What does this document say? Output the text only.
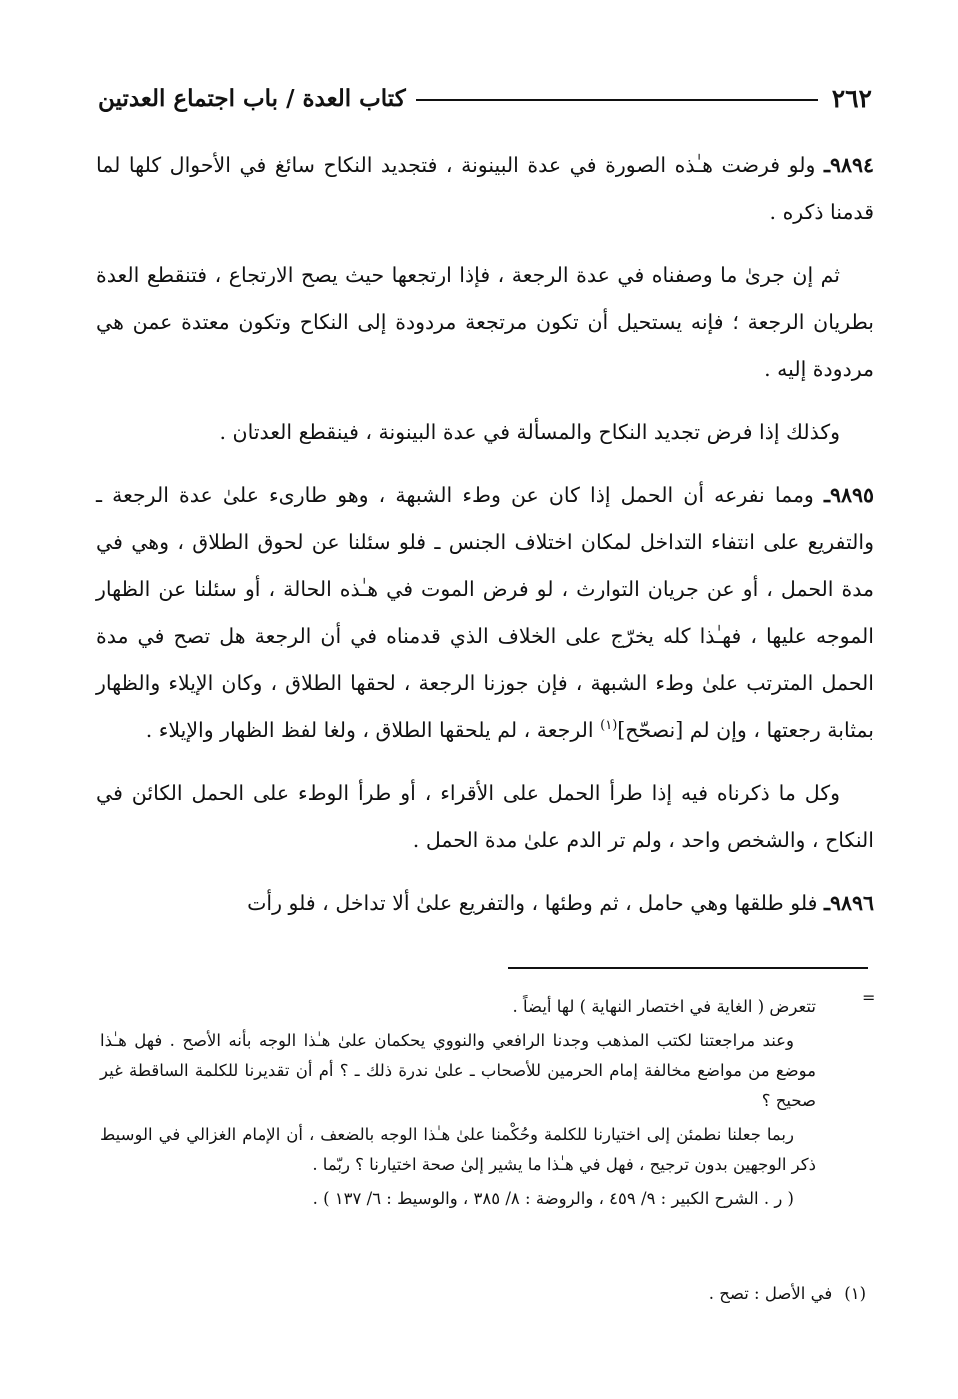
٢٦٢
كتاب العدة / باب اجتماع العدتين

٩٨٩٤ـ ولو فرضت هـٰذه الصورة في عدة البينونة ، فتجديد النكاح سائغ في الأحوال كلها لما قدمنا ذكره .

ثم إن جرىٰ ما وصفناه في عدة الرجعة ، فإذا ارتجعها حيث يصح الارتجاع ، فتنقطع العدة بطريان الرجعة ؛ فإنه يستحيل أن تكون مرتجعة مردودة إلى النكاح وتكون معتدة عمن هي مردودة إليه .

وكذلك إذا فرض تجديد النكاح والمسألة في عدة البينونة ، فينقطع العدتان .

٩٨٩٥ـ ومما نفرعه أن الحمل إذا كان عن وطء الشبهة ، وهو طارىء علىٰ عدة الرجعة ـ والتفريع على انتفاء التداخل لمكان اختلاف الجنس ـ فلو سئلنا عن لحوق الطلاق ، وهي في مدة الحمل ، أو عن جريان التوارث ، لو فرض الموت في هـٰذه الحالة ، أو سئلنا عن الظهار الموجه عليها ، فهـٰذا كله يخرّج على الخلاف الذي قدمناه في أن الرجعة هل تصح في مدة الحمل المترتب علىٰ وطء الشبهة ، فإن جوزنا الرجعة ، لحقها الطلاق ، وكان الإيلاء والظهار بمثابة رجعتها ، وإن لم [نصحّح]$^{(١)}$ الرجعة ، لم يلحقها الطلاق ، ولغا لفظ الظهار والإيلاء .

وكل ما ذكرناه فيه إذا طرأ الحمل على الأقراء ، أو طرأ الوطء على الحمل الكائن في النكاح ، والشخص واحد ، ولم تر الدم علىٰ مدة الحمل .

٩٨٩٦ـ فلو طلقها وهي حامل ، ثم وطئها ، والتفريع علىٰ ألا تداخل ، فلو رأت

=

تتعرض ( الغاية في اختصار النهاية ) لها أيضاً .

وعند مراجعتنا لكتب المذهب وجدنا الرافعي والنووي يحكمان علىٰ هـٰذا الوجه بأنه الأصح . فهل هـٰذا موضع من مواضع مخالفة إمام الحرمين للأصحاب ـ علىٰ ندرة ذلك ـ ؟ أم أن تقديرنا للكلمة الساقطة غير صحيح ؟

ربما جعلنا نطمئن إلى اختيارنا للكلمة وحُكْمنا علىٰ هـٰذا الوجه بالضعف ، أن الإمام الغزالي في الوسيط ذكر الوجهين بدون ترجيح ، فهل في هـٰذا ما يشير إلىٰ صحة اختيارنا ؟ ربّما .

( ر . الشرح الكبير : ٩/ ٤٥٩ ، والروضة : ٨/ ٣٨٥ ، والوسيط : ٦/ ١٣٧ ) .

(١)
في الأصل : تصح .
